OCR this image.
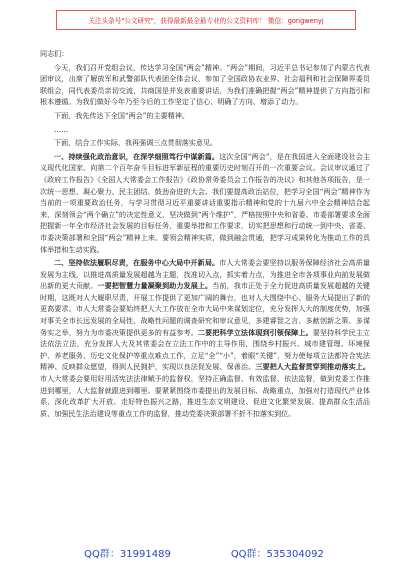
关注头条号"公文研究"，获得最新最全最专业的公文资料库！ 微信：gongwenyj

同志们：

今天，我们召开党组会议，传达学习全国“两会”精神。“两会”期间，习近平总书记参加了内蒙古代表团审议，出席了解放军和武警部队代表团全体会议，参加了全国政协农业界、社会福利和社会保障界委员联组会，同代表委员亲切交流，共商国是并发表重要讲话，为我们准确把握“两会”精神提供了方向指引和根本遵循。为我们做好今年乃至今后的工作坚定了信心、明确了方向、增添了动力。

下面，我先传达下全国“两会”的主要精神。

……

下面，结合工作实际，我再强调三点贯彻落实意见。

一、持续强化政治意识，在深学细照笃行中谋新篇。这次全国“两会”，是在我国进入全面建设社会主义现代化国家、向第二个百年奋斗目标进军新征程的重要历史时刻召开的一次重要会议。会议审议通过了《政府工作报告》《全国人大常委会工作报告》《政协常务委员会工作报告的决议》和其他各项报告，是一次统一思想、凝心聚力、民主团结、鼓劲奋进的大会。我们要提高政治站位，把学习全国“两会”精神作为当前的一项重要政治任务，与学习贯彻习近平重要讲话重要指示精神和党的十九届六中全会精神结合起来，深刻领会“两个确立”的决定性意义，坚决做到“两个维护”，严格按照中央和省委、市委部署要求全面把握新一年全市经济社会发展的目标任务，重要举措和工作要求，切实把思想和行动统一到中央、省委、市委决策部署和全国“两会”精神上来。要领会精神实质，做到融会贯通，把学习成果转化为推动工作的具体举措和生动实践。

二、坚持依法履职尽责，在服务中心大局中开新局。市人大常委会要坚持以服务保障经济社会高质量发展为主线，以推进高质量发展超越为主题，找准切入点，抓实着力点，为推进全市各项事业向前发展做出新的更大贡献。一要把智慧力量凝聚到助力发展上。当前，我市正处于全力促进高质量发展超越的关键时期，这既对人大履职尽责，开展工作提供了更加广阔的舞台，也对人大围绕中心、服务大局提出了新的更高要求。市人大常委会要始终把人大工作放在全市大局中来谋划定位，充分发挥人大的制度优势，加强对事关全市长远发展的全局性、战略性问题的调查研究和审议意见，多建睿智之言、多献创新之策、多谋务实之举，努力为市委决策提供更多的有益参考。二要把科学立法体现到引领保障上。要坚持科学民主立法依法立法，充分发挥人大及其常委会在立法工作中的主导作用，围绕乡村振兴、城市建管理、环境保护、养老服务、历史文化保护等重点难点工作，立足“全”“小”，着眼“关键”，努力使每项立法都符合宪法精神、反映群众愿望，得到人民拥护，实现以良法促发展、保善治。三要把人大监督贯穿到推动落实上。市人大常委会要用好用活宪法法律赋予的监督权，坚持正确监督、有效监督、依法监督，做到党委工作推进到哪里，人大监督就跟进到哪里。要紧紧围绕市委提出的发展目标、战略重点，加强对打造现代产业体系、深化改革扩大开放、走好特色振兴之路，推进生态文明建设、促进文化繁荣发展、提高群众生活品质、加强民生法治建设等重点工作的监督，推动党委决策部署不折不扣落实到位。

QQ群：31991489	QQ群：535304092
